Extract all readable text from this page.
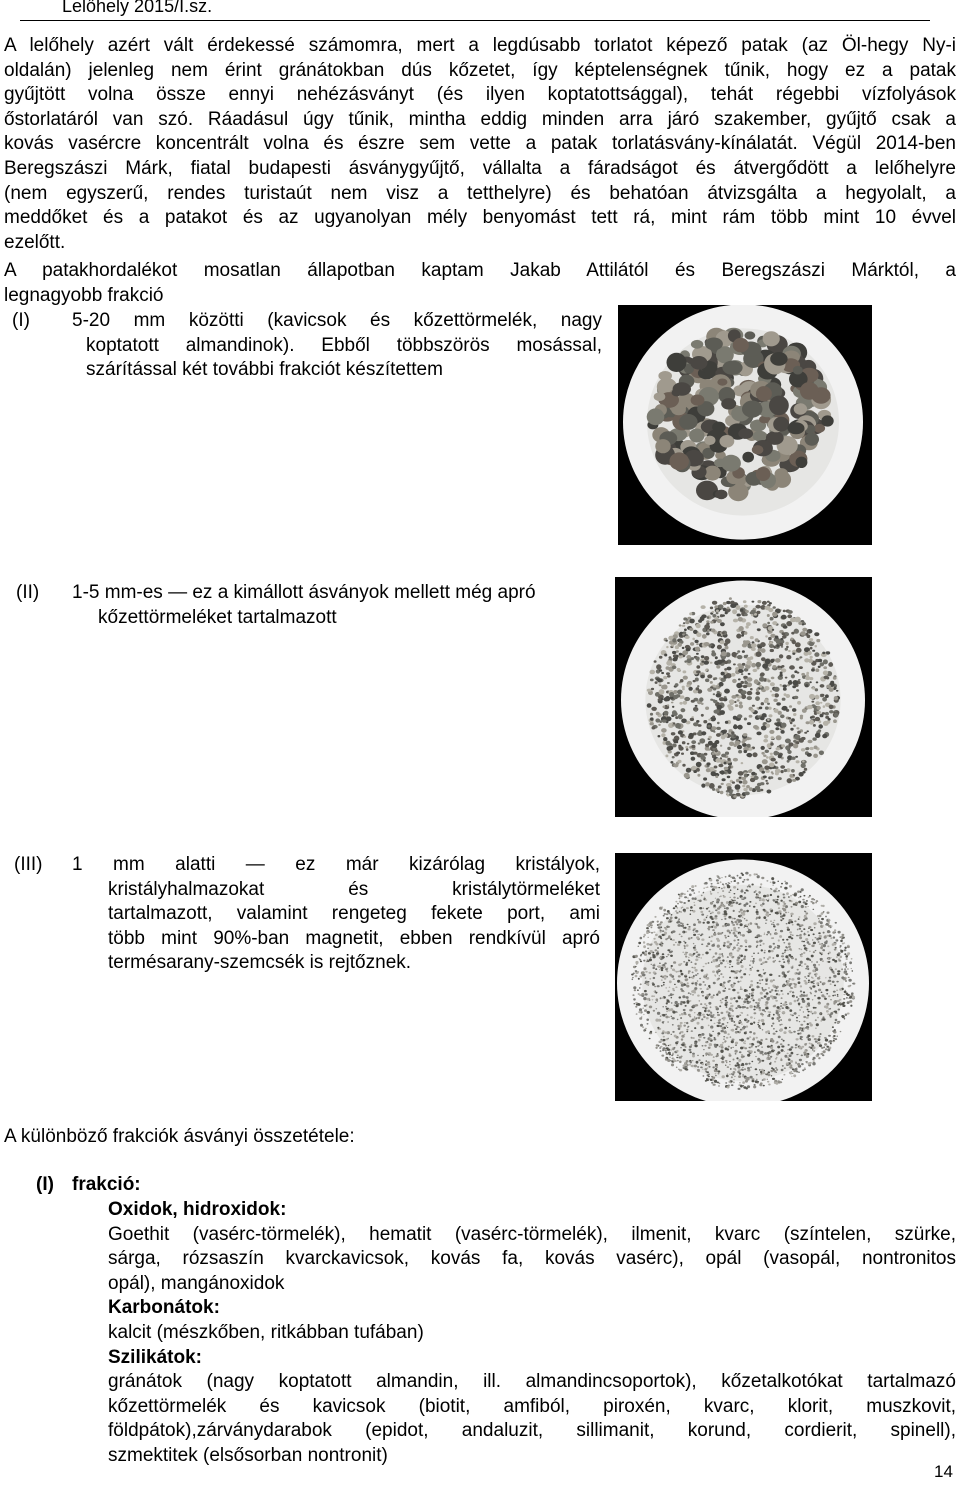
Lelőhely 2015/I.sz.
A lelőhely azért vált érdekessé számomra, mert a legdúsabb torlatot képező patak (az Öl-hegy Ny-i
oldalán) jelenleg nem érint gránátokban dús kőzetet, így képtelenségnek tűnik, hogy ez a patak
gyűjtött volna össze ennyi nehézásványt (és ilyen koptatottsággal), tehát régebbi vízfolyások
őstorlatáról van szó. Ráadásul úgy tűnik, mintha eddig minden arra járó szakember, gyűjtő csak a
kovás vasércre koncentrált volna és észre sem vette a patak torlatásvány-kínálatát. Végül 2014-ben
Beregszászi Márk, fiatal budapesti ásványgyűjtő, vállalta a fáradságot és átvergődött a lelőhelyre
(nem egyszerű, rendes turistaút nem visz a tetthelyre) és behatóan átvizsgálta a hegyolalt, a
meddőket és a patakot és az ugyanolyan mély benyomást tett rá, mint rám több mint 10 évvel
ezelőtt.
A patakhordalékot mosatlan állapotban kaptam Jakab Attilától és Beregszászi Márktól, a
legnagyobb frakció
(I) 5-20 mm közötti (kavicsok és kőzettörmelék, nagy
koptatott almandinok). Ebből többszörös mosással,
szárítással két további frakciót készítettem
(II) 1-5 mm-es — ez a kimállott ásványok mellett még apró
kőzettörmeléket tartalmazott
(III) 1 mm alatti — ez már kizárólag kristályok,
kristályhalmazokat és kristálytörmeléket
tartalmazott, valamint rengeteg fekete port, ami
több mint 90%-ban magnetit, ebben rendkívül apró
termésarany-szemcsék is rejtőznek.
A különböző frakciók ásványi összetétele:
(I) frakció:
Oxidok, hidroxidok:
Goethit (vasérc-törmelék), hematit (vasérc-törmelék), ilmenit, kvarc (színtelen, szürke,
sárga, rózsaszín kvarckavicsok, kovás fa, kovás vasérc), opál (vasopál, nontronitos
opál), mangánoxidok
Karbonátok:
kalcit (mészkőben, ritkábban tufában)
Szilikátok:
gránátok (nagy koptatott almandin, ill. almandincsoportok), kőzetalkotókat tartalmazó
kőzettörmelék és kavicsok (biotit, amfiból, piroxén, kvarc, klorit, muszkovit,
földpátok),zárványdarabok (epidot, andaluzit, sillimanit, korund, cordierit, spinell),
szmektitek (elsősorban nontronit)
14
